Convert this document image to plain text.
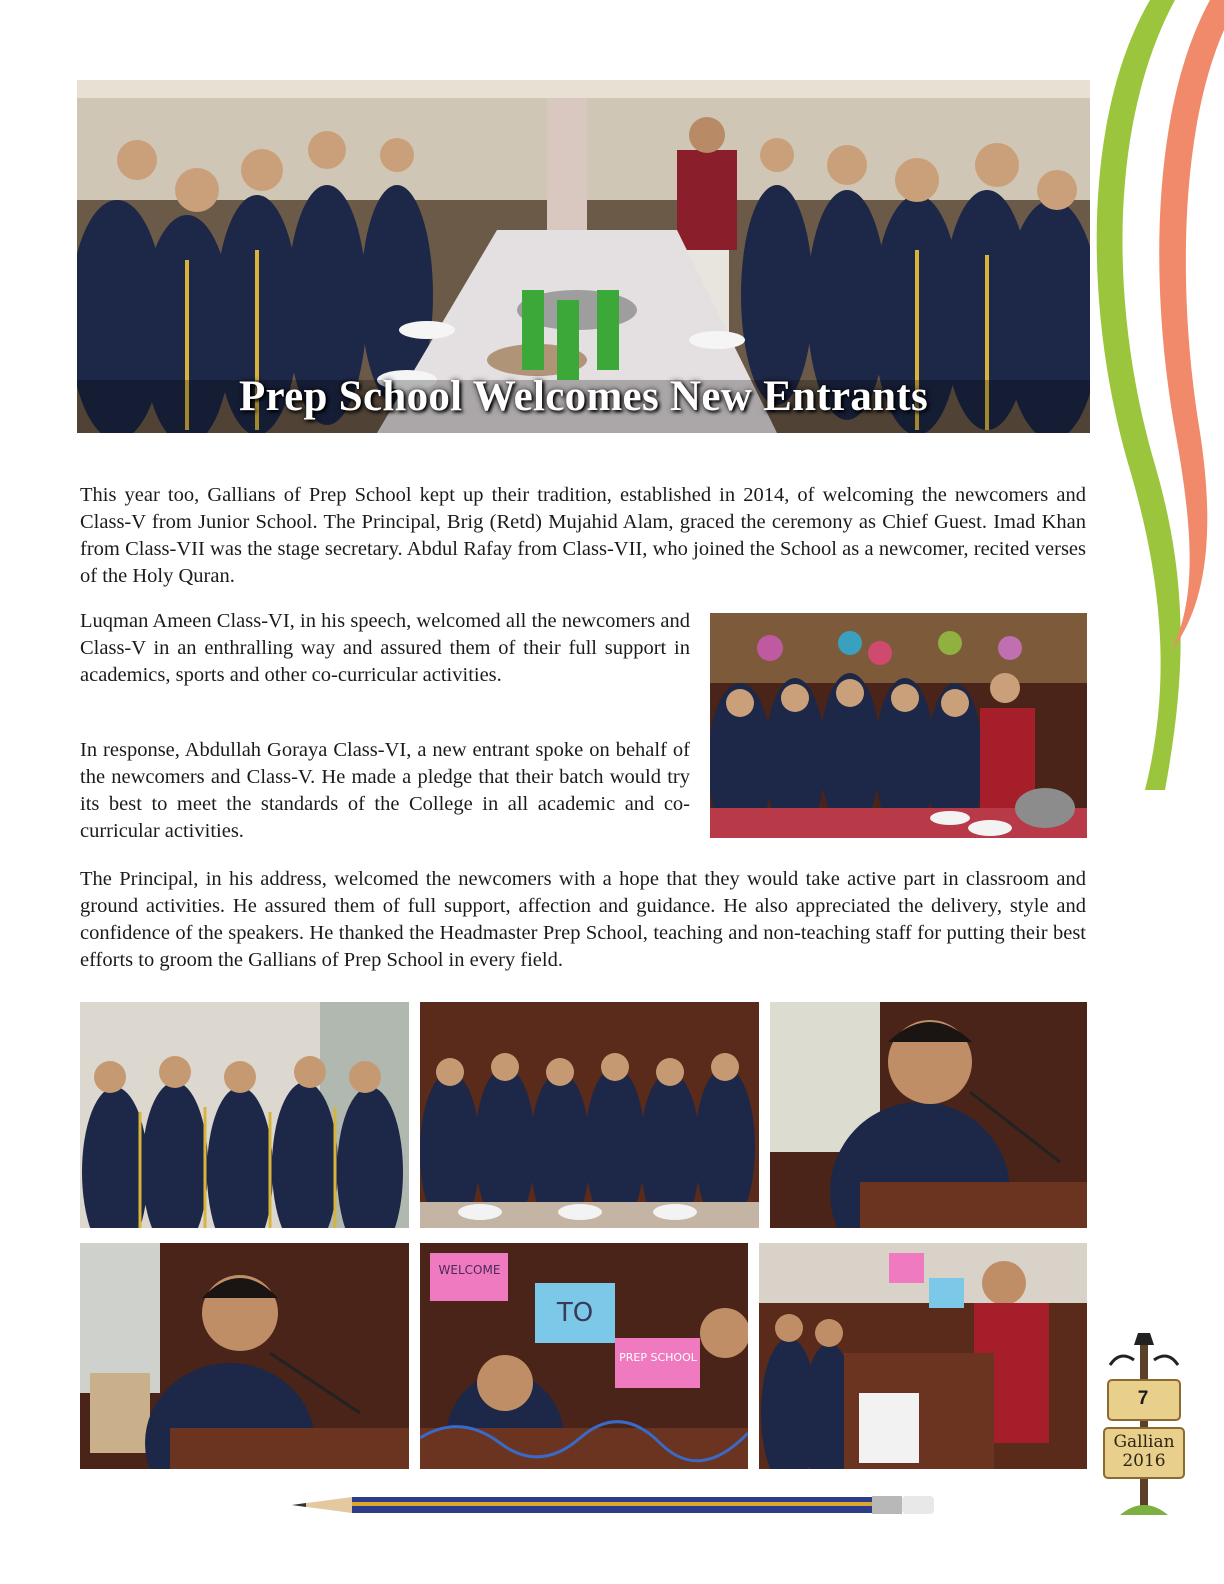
Prep School Welcomes New Entrants

This year too, Gallians of Prep School kept up their tradition, established in 2014, of welcoming the newcomers and Class-V from Junior School. The Principal, Brig (Retd) Mujahid Alam, graced the ceremony as Chief Guest. Imad Khan from Class-VII was the stage secretary. Abdul Rafay from Class-VII, who joined the School as a newcomer, recited verses of the Holy Quran.

Luqman Ameen Class-VI, in his speech, welcomed all the newcomers and Class-V in an enthralling way and assured them of their full support in academics, sports and other co-curricular activities.

In response, Abdullah Goraya Class-VI, a new entrant spoke on behalf of the newcomers and Class-V. He made a pledge that their batch would try its best to meet the standards of the College in all academic and co-curricular activities.

The Principal, in his address, welcomed the newcomers with a hope that they would take active part in classroom and ground activities. He assured them of full support, affection and guidance. He also appreciated the delivery, style and confidence of the speakers. He thanked the Headmaster Prep School, teaching and non-teaching staff for putting their best efforts to groom the Gallians of Prep School in every field.

WELCOME
TO
PREP SCHOOL
7
Gallian
2016
